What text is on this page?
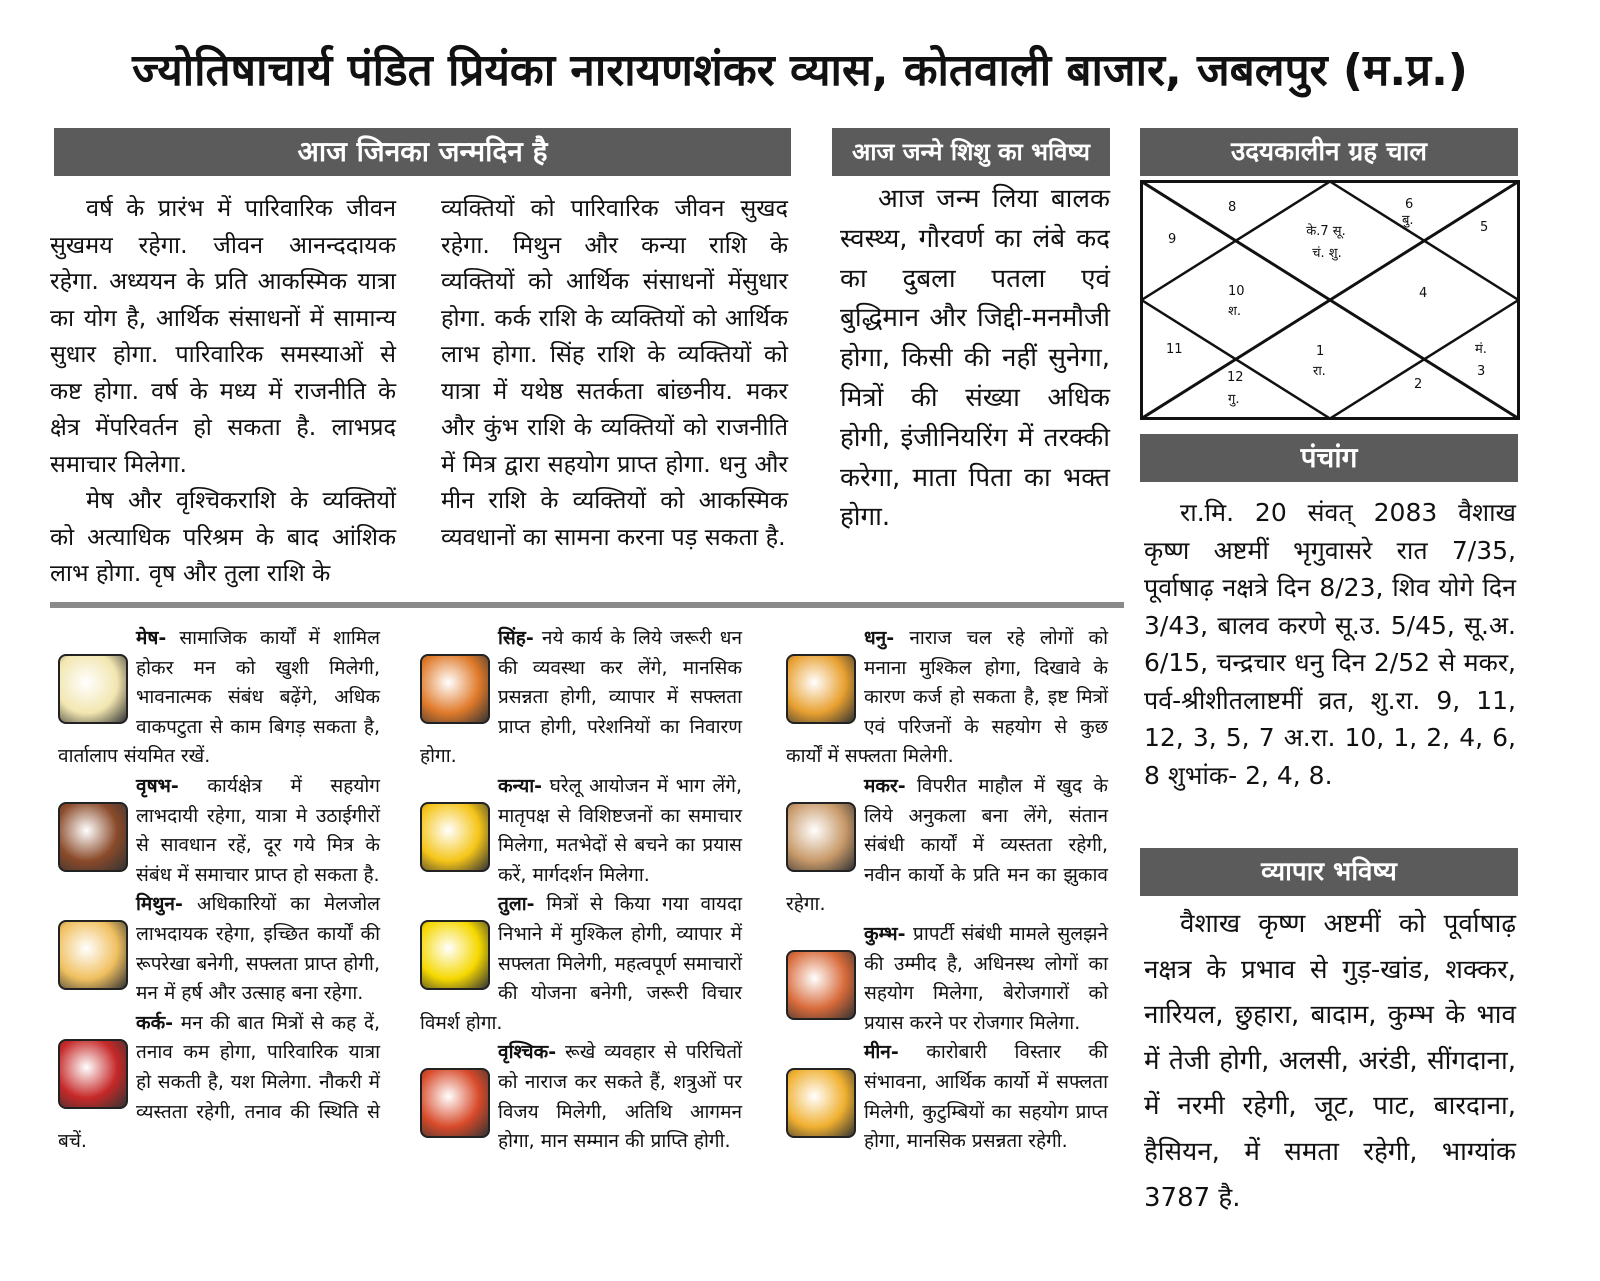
ज्योतिषाचार्य पंडित प्रियंका नारायणशंकर व्यास, कोतवाली बाजार, जबलपुर (म.प्र.)
आज जिनका जन्मदिन है

वर्ष के प्रारंभ में पारिवारिक जीवन सुखमय रहेगा. जीवन आनन्ददायक रहेगा. अध्ययन के प्रति आकस्मिक यात्रा का योग है, आर्थिक संसाधनों में सामान्य सुधार होगा. पारिवारिक समस्याओं से कष्ट होगा. वर्ष के मध्य में राजनीति के क्षेत्र मेंपरिवर्तन हो सकता है. लाभप्रद समाचार मिलेगा.

मेष और वृश्चिकराशि के व्यक्तियों को अत्याधिक परिश्रम के बाद आंशिक लाभ होगा. वृष और तुला राशि के

व्यक्तियों को पारिवारिक जीवन सुखद रहेगा. मिथुन और कन्या राशि के व्यक्तियों को आर्थिक संसाधनों मेंसुधार होगा. कर्क राशि के व्यक्तियों को आर्थिक लाभ होगा. सिंह राशि के व्यक्तियों को यात्रा में यथेष्ठ सतर्कता बांछनीय. मकर और कुंभ राशि के व्यक्तियों को राजनीति में मित्र द्वारा सहयोग प्राप्त होगा. धनु और मीन राशि के व्यक्तियों को आकस्मिक व्यवधानों का सामना करना पड़ सकता है.

आज जन्मे शिशु का भविष्य

आज जन्म लिया बालक स्वस्थ्य, गौरवर्ण का लंबे कद का दुबला पतला एवं बुद्धिमान और जिद्दी-मनमौजी होगा, किसी की नहीं सुनेगा, मित्रों की संख्या अधिक होगी, इंजीनियरिंग में तरक्की करेगा, माता पिता का भक्त होगा.

उदयकालीन ग्रह चाल
8	6
बु.	5
9
के.7 सू.
चं. शु.
10
श.
4
11	1
रा.
मं.
3
12
गु.
2
पंचांग

रा.मि. 20 संवत् 2083 वैशाख कृष्ण अष्टमीं भृगुवासरे रात 7/35, पूर्वाषाढ़ नक्षत्रे दिन 8/23, शिव योगे दिन 3/43, बालव करणे सू.उ. 5/45, सू.अ. 6/15, चन्द्रचार धनु दिन 2/52 से मकर, पर्व-श्रीशीतलाष्टमीं व्रत, शु.रा. 9, 11, 12, 3, 5, 7 अ.रा. 10, 1, 2, 4, 6, 8 शुभांक- 2, 4, 8.

व्यापार भविष्य

वैशाख कृष्ण अष्टमीं को पूर्वाषाढ़ नक्षत्र के प्रभाव से गुड़-खांड, शक्कर, नारियल, छुहारा, बादाम, कुम्भ के भाव में तेजी होगी, अलसी, अरंडी, सींगदाना, में नरमी रहेगी, जूट, पाट, बारदाना, हैसियन, में समता रहेगी, भाग्यांक 3787 है.

मेष- सामाजिक कार्यों में शामिल होकर मन को खुशी मिलेगी, भावनात्मक संबंध बढ़ेंगे, अधिक वाकपटुता से काम बिगड़ सकता है, वार्तालाप संयमित रखें.
वृषभ- कार्यक्षेत्र में सहयोग लाभदायी रहेगा, यात्रा मे उठाईगीरों से सावधान रहें, दूर गये मित्र के संबंध में समाचार प्राप्त हो सकता है.
मिथुन- अधिकारियों का मेलजोल लाभदायक रहेगा, इच्छित कार्यों की रूपरेखा बनेगी, सफ्लता प्राप्त होगी, मन में हर्ष और उत्साह बना रहेगा.
कर्क- मन की बात मित्रों से कह दें, तनाव कम होगा, पारिवारिक यात्रा हो सकती है, यश मिलेगा. नौकरी में व्यस्तता रहेगी, तनाव की स्थिति से बचें.
सिंह- नये कार्य के लिये जरूरी धन की व्यवस्था कर लेंगे, मानसिक प्रसन्नता होगी, व्यापार में सफ्लता प्राप्त होगी, परेशनियों का निवारण होगा.
कन्या- घरेलू आयोजन में भाग लेंगे, मातृपक्ष से विशिष्टजनों का समाचार मिलेगा, मतभेदों से बचने का प्रयास करें, मार्गदर्शन मिलेगा.
तुला- मित्रों से किया गया वायदा निभाने में मुश्किल होगी, व्यापार में सफ्लता मिलेगी, महत्वपूर्ण समाचारों की योजना बनेगी, जरूरी विचार विमर्श होगा.
वृश्चिक- रूखे व्यवहार से परिचितों को नाराज कर सकते हैं, शत्रुओं पर विजय मिलेगी, अतिथि आगमन होगा, मान सम्मान की प्राप्ति होगी.
धनु- नाराज चल रहे लोगों को मनाना मुश्किल होगा, दिखावे के कारण कर्ज हो सकता है, इष्ट मित्रों एवं परिजनों के सहयोग से कुछ कार्यों में सफ्लता मिलेगी.
मकर- विपरीत माहौल में खुद के लिये अनुकला बना लेंगे, संतान संबंधी कार्यों में व्यस्तता रहेगी, नवीन कार्यो के प्रति मन का झुकाव रहेगा.
कुम्भ- प्रापर्टी संबंधी मामले सुलझने की उम्मीद है, अधिनस्थ लोगों का सहयोग मिलेगा, बेरोजगारों को प्रयास करने पर रोजगार मिलेगा.
मीन- कारोबारी विस्तार की संभावना, आर्थिक कार्यो में सफ्लता मिलेगी, कुटुम्बियों का सहयोग प्राप्त होगा, मानसिक प्रसन्नता रहेगी.
